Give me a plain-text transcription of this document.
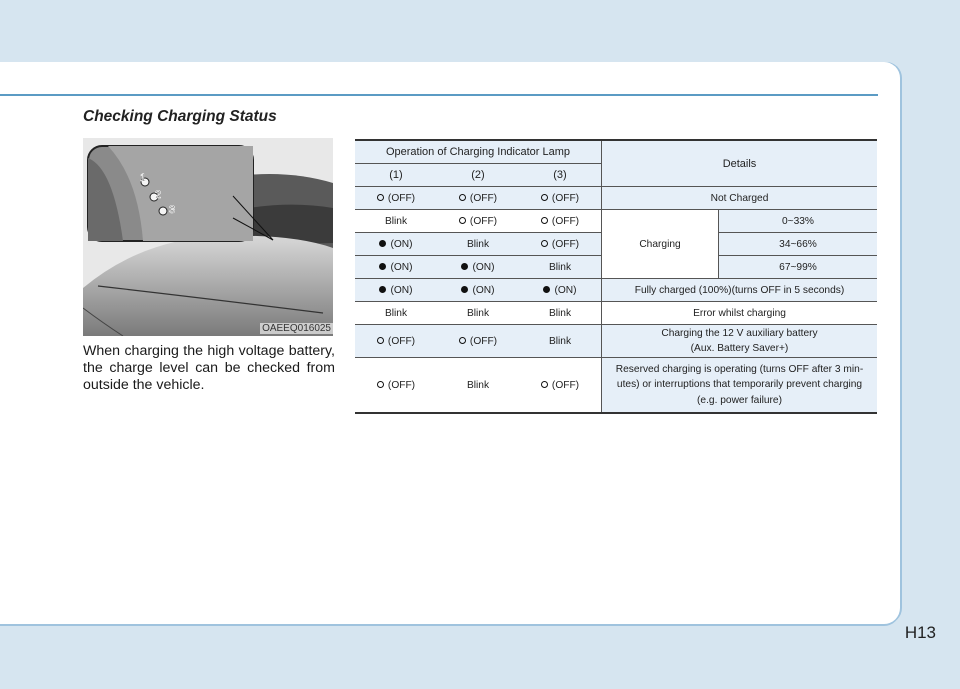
Checking Charging Status
1
2
3
OAEEQ016025
When charging the high voltage battery, the charge level can be checked from outside the vehicle.
Operation of Charging Indicator Lamp			Details	
(1)	(2)	(3)		
(OFF)	(OFF)	(OFF)	Not Charged	
Blink	(OFF)	(OFF)	Charging	0~33%
(ON)	Blink	(OFF)		34~66%
(ON)	(ON)	Blink		67~99%
(ON)	(ON)	(ON)	Fully charged (100%)(turns OFF in 5 seconds)	
Blink	Blink	Blink	Error whilst charging	
(OFF)	(OFF)	Blink	Charging the 12 V auxiliary battery
(Aux. Battery Saver+)	

(OFF)	Blink	(OFF)	Reserved charging is operating (turns OFF after 3 min-
utes) or interruptions that temporarily prevent charging
(e.g. power failure)	
H13
